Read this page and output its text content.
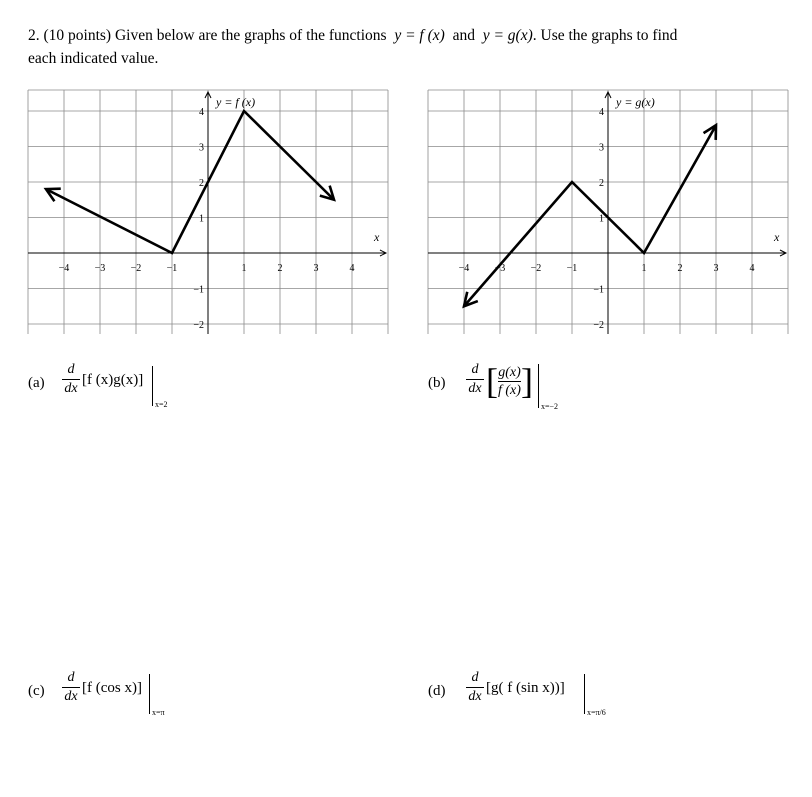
2. (10 points) Given below are the graphs of the functions y = f (x) and y = g(x). Use the graphs to find
each indicated value.
−4	−3	−2	−1	1	2	3	4
4
3
2
1
−1
−2
y = f (x)
x
−4	−3	−2	−1	1	2	3	4
4
3
2
1
−1
−2
y = g(x)
x
(a)
d
dx
[f (x)g(x)]
x=2
(b)
d
dx [ $\frac{g(x)}{f (x)}$ ]
x=−2
(c)
d
dx
[f (cos x)]
x=π
(d)
d
dx
[g( f (sin x))]
x=π/6
